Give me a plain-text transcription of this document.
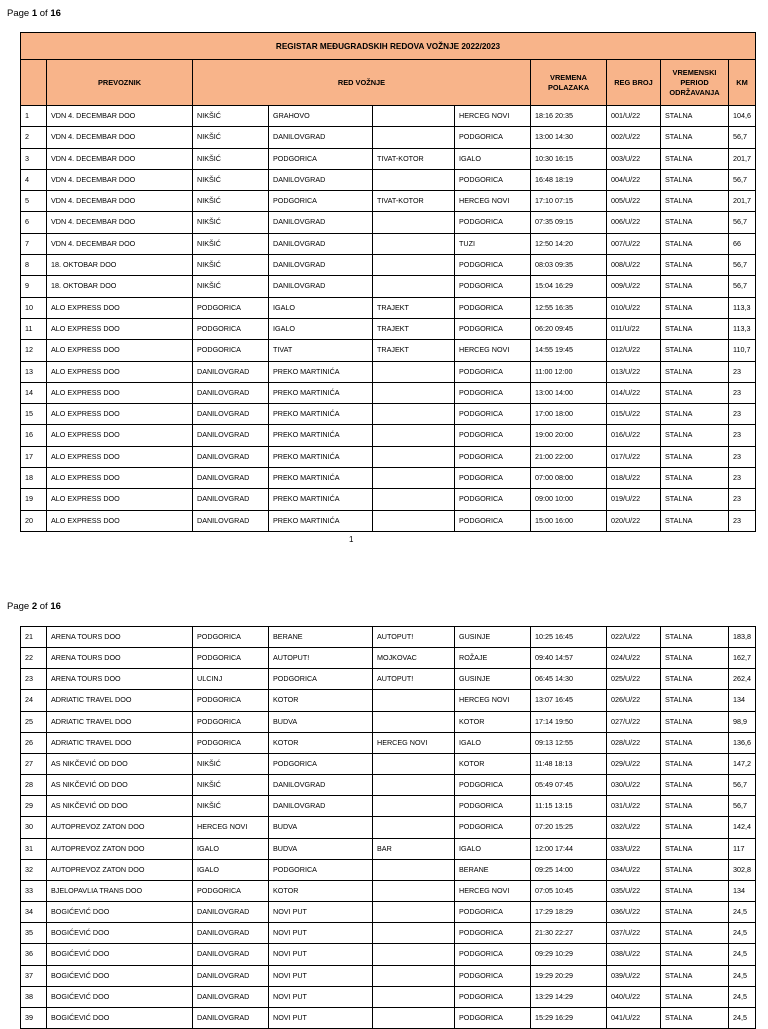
Page 1 of 16
REGISTAR MEĐUGRADSKIH REDOVA VOŽNJE 2022/2023									
	PREVOZNIK	RED VOŽNJE				VREMENA POLAZAKA	REG BROJ	VREMENSKI PERIOD ODRŽAVANJA	KM
1	VDN 4. DECEMBAR DOO	NIKŠIĆ	GRAHOVO		HERCEG NOVI	18:16 20:35	001/U/22	STALNA	104,6
2	VDN 4. DECEMBAR DOO	NIKŠIĆ	DANILOVGRAD		PODGORICA	13:00 14:30	002/U/22	STALNA	56,7
3	VDN 4. DECEMBAR DOO	NIKŠIĆ	PODGORICA	TIVAT-KOTOR	IGALO	10:30 16:15	003/U/22	STALNA	201,7
4	VDN 4. DECEMBAR DOO	NIKŠIĆ	DANILOVGRAD		PODGORICA	16:48 18:19	004/U/22	STALNA	56,7
5	VDN 4. DECEMBAR DOO	NIKŠIĆ	PODGORICA	TIVAT-KOTOR	HERCEG NOVI	17:10 07:15	005/U/22	STALNA	201,7
6	VDN 4. DECEMBAR DOO	NIKŠIĆ	DANILOVGRAD		PODGORICA	07:35 09:15	006/U/22	STALNA	56,7
7	VDN 4. DECEMBAR DOO	NIKŠIĆ	DANILOVGRAD		TUZI	12:50 14:20	007/U/22	STALNA	66
8	18. OKTOBAR DOO	NIKŠIĆ	DANILOVGRAD		PODGORICA	08:03 09:35	008/U/22	STALNA	56,7
9	18. OKTOBAR DOO	NIKŠIĆ	DANILOVGRAD		PODGORICA	15:04 16:29	009/U/22	STALNA	56,7
10	ALO EXPRESS DOO	PODGORICA	IGALO	TRAJEKT	PODGORICA	12:55 16:35	010/U/22	STALNA	113,3
11	ALO EXPRESS DOO	PODGORICA	IGALO	TRAJEKT	PODGORICA	06:20 09:45	011/U/22	STALNA	113,3
12	ALO EXPRESS DOO	PODGORICA	TIVAT	TRAJEKT	HERCEG NOVI	14:55 19:45	012/U/22	STALNA	110,7
13	ALO EXPRESS DOO	DANILOVGRAD	PREKO MARTINIĆA		PODGORICA	11:00 12:00	013/U/22	STALNA	23
14	ALO EXPRESS DOO	DANILOVGRAD	PREKO MARTINIĆA		PODGORICA	13:00 14:00	014/U/22	STALNA	23
15	ALO EXPRESS DOO	DANILOVGRAD	PREKO MARTINIĆA		PODGORICA	17:00 18:00	015/U/22	STALNA	23
16	ALO EXPRESS DOO	DANILOVGRAD	PREKO MARTINIĆA		PODGORICA	19:00 20:00	016/U/22	STALNA	23
17	ALO EXPRESS DOO	DANILOVGRAD	PREKO MARTINIĆA		PODGORICA	21:00 22:00	017/U/22	STALNA	23
18	ALO EXPRESS DOO	DANILOVGRAD	PREKO MARTINIĆA		PODGORICA	07:00 08:00	018/U/22	STALNA	23
19	ALO EXPRESS DOO	DANILOVGRAD	PREKO MARTINIĆA		PODGORICA	09:00 10:00	019/U/22	STALNA	23
20	ALO EXPRESS DOO	DANILOVGRAD	PREKO MARTINIĆA		PODGORICA	15:00 16:00	020/U/22	STALNA	23
1
Page 2 of 16
21	ARENA TOURS DOO	PODGORICA	BERANE	AUTOPUT!	GUSINJE	10:25 16:45	022/U/22	STALNA	183,8
22	ARENA TOURS DOO	PODGORICA	AUTOPUT!	MOJKOVAC	ROŽAJE	09:40 14:57	024/U/22	STALNA	162,7
23	ARENA TOURS DOO	ULCINJ	PODGORICA	AUTOPUT!	GUSINJE	06:45 14:30	025/U/22	STALNA	262,4
24	ADRIATIC TRAVEL DOO	PODGORICA	KOTOR		HERCEG NOVI	13:07 16:45	026/U/22	STALNA	134
25	ADRIATIC TRAVEL DOO	PODGORICA	BUDVA		KOTOR	17:14 19:50	027/U/22	STALNA	98,9
26	ADRIATIC TRAVEL DOO	PODGORICA	KOTOR	HERCEG NOVI	IGALO	09:13 12:55	028/U/22	STALNA	136,6
27	AS NIKČEVIĆ OD DOO	NIKŠIĆ	PODGORICA		KOTOR	11:48 18:13	029/U/22	STALNA	147,2
28	AS NIKČEVIĆ OD DOO	NIKŠIĆ	DANILOVGRAD		PODGORICA	05:49 07:45	030/U/22	STALNA	56,7
29	AS NIKČEVIĆ OD DOO	NIKŠIĆ	DANILOVGRAD		PODGORICA	11:15 13:15	031/U/22	STALNA	56,7
30	AUTOPREVOZ ZATON DOO	HERCEG NOVI	BUDVA		PODGORICA	07:20 15:25	032/U/22	STALNA	142,4
31	AUTOPREVOZ ZATON DOO	IGALO	BUDVA	BAR	IGALO	12:00 17:44	033/U/22	STALNA	117
32	AUTOPREVOZ ZATON DOO	IGALO	PODGORICA		BERANE	09:25 14:00	034/U/22	STALNA	302,8
33	BJELOPAVLIA TRANS DOO	PODGORICA	KOTOR		HERCEG NOVI	07:05 10:45	035/U/22	STALNA	134
34	BOGIĆEVIĆ DOO	DANILOVGRAD	NOVI PUT		PODGORICA	17:29 18:29	036/U/22	STALNA	24,5
35	BOGIĆEVIĆ DOO	DANILOVGRAD	NOVI PUT		PODGORICA	21:30 22:27	037/U/22	STALNA	24,5
36	BOGIĆEVIĆ DOO	DANILOVGRAD	NOVI PUT		PODGORICA	09:29 10:29	038/U/22	STALNA	24,5
37	BOGIĆEVIĆ DOO	DANILOVGRAD	NOVI PUT		PODGORICA	19:29 20:29	039/U/22	STALNA	24,5
38	BOGIĆEVIĆ DOO	DANILOVGRAD	NOVI PUT		PODGORICA	13:29 14:29	040/U/22	STALNA	24,5
39	BOGIĆEVIĆ DOO	DANILOVGRAD	NOVI PUT		PODGORICA	15:29 16:29	041/U/22	STALNA	24,5
